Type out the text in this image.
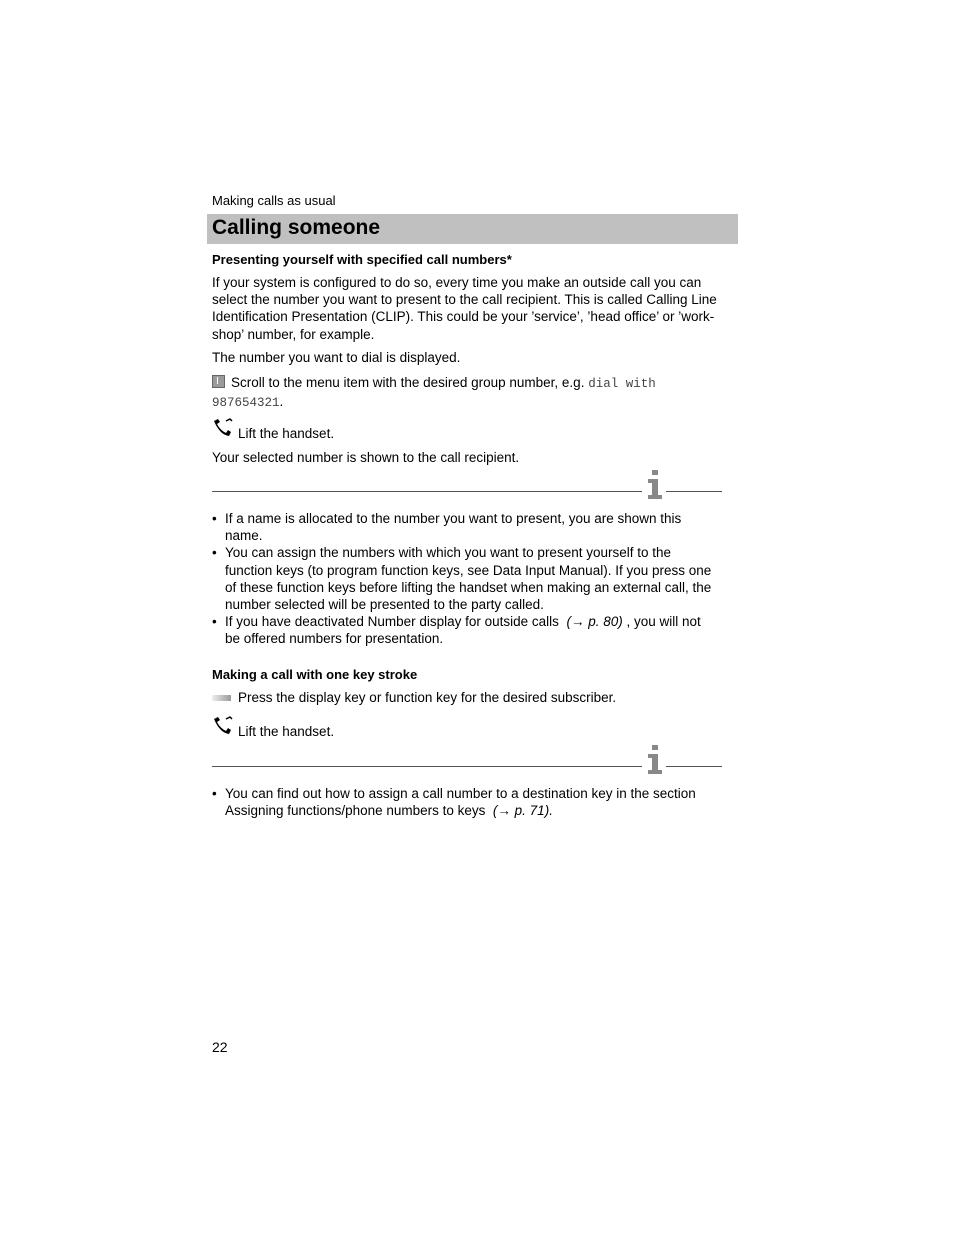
Making calls as usual
Calling someone
Presenting yourself with specified call numbers*
If your system is configured to do so, every time you make an outside call you can
select the number you want to present to the call recipient. This is called Calling Line
Identification Presentation (CLIP). This could be your ’service’, ’head office’ or ’work-
shop’ number, for example.
The number you want to dial is displayed.
Scroll to the menu item with the desired group number, e.g. dial with
987654321.
Lift the handset.
Your selected number is shown to the call recipient.
• If a name is allocated to the number you want to present, you are shown this
name.
• You can assign the numbers with which you want to present yourself to the
function keys (to program function keys, see Data Input Manual). If you press one
of these function keys before lifting the handset when making an external call, the
number selected will be presented to the party called.
• If you have deactivated Number display for outside calls (→ p. 80) , you will not
be offered numbers for presentation.
Making a call with one key stroke
Press the display key or function key for the desired subscriber.
Lift the handset.
• You can find out how to assign a call number to a destination key in the section
Assigning functions/phone numbers to keys (→ p. 71).
22
